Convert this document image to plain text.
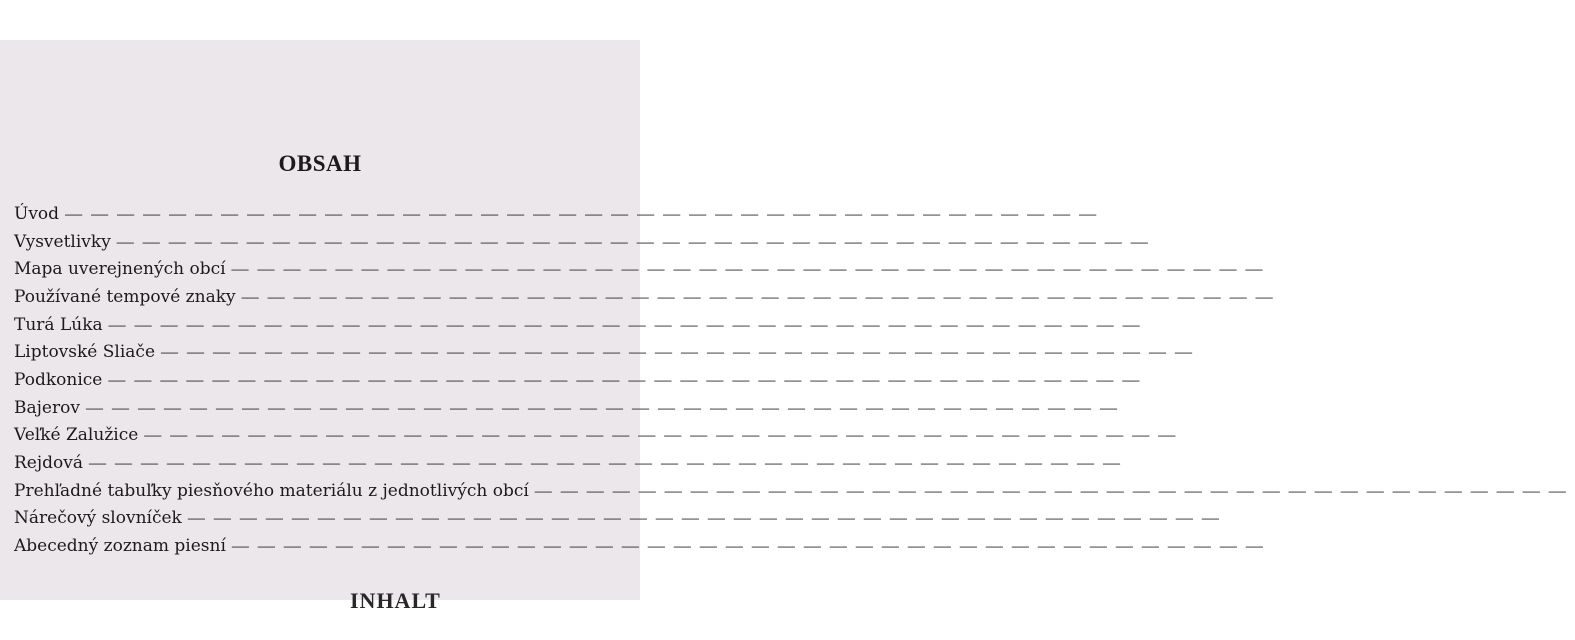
OBSAH
Úvod ————————————————————————————————————————
Vysvetlivky ————————————————————————————————————————
Mapa uverejnených obcí ————————————————————————————————————————
Používané tempové znaky ————————————————————————————————————————
Turá Lúka ————————————————————————————————————————
Liptovské Sliače ————————————————————————————————————————
Podkonice ————————————————————————————————————————
Bajerov ————————————————————————————————————————
Veľké Zalužice ————————————————————————————————————————
Rejdová ————————————————————————————————————————
Prehľadné tabuľky piesňového materiálu z jednotlivých obcí ————————————————————————————————————————
Nárečový slovníček ————————————————————————————————————————
Abecedný zoznam piesní ————————————————————————————————————————
INHALT
